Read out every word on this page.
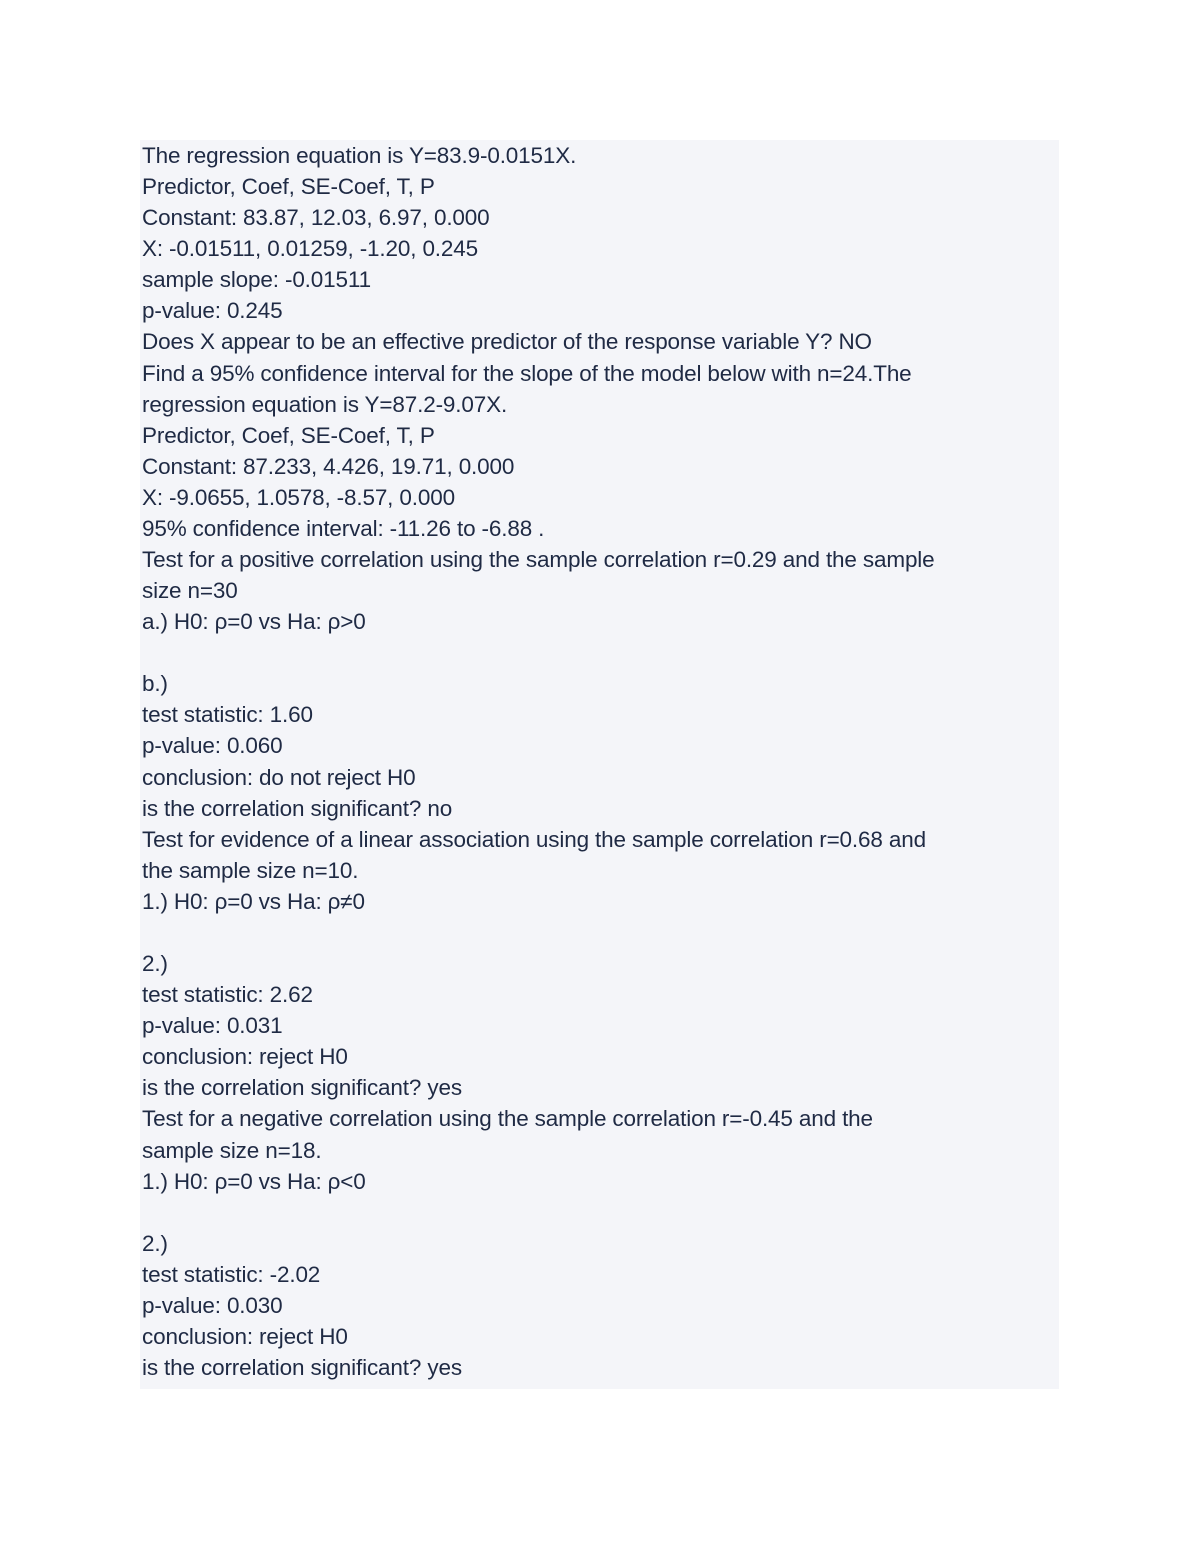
The regression equation is Y=83.9-0.0151X.
Predictor, Coef, SE-Coef, T, P
Constant: 83.87, 12.03, 6.97, 0.000
X: -0.01511, 0.01259, -1.20, 0.245
sample slope: -0.01511
p-value: 0.245
Does X appear to be an effective predictor of the response variable Y? NO
Find a 95% confidence interval for the slope of the model below with n=24.The
regression equation is Y=87.2-9.07X.
Predictor, Coef, SE-Coef, T, P
Constant: 87.233, 4.426, 19.71, 0.000
X: -9.0655, 1.0578, -8.57, 0.000
95% confidence interval: -11.26 to -6.88 .
Test for a positive correlation using the sample correlation r=0.29 and the sample
size n=30
a.) H0: ρ=0 vs Ha: ρ>0
b.)
test statistic: 1.60
p-value: 0.060
conclusion: do not reject H0
is the correlation significant? no
Test for evidence of a linear association using the sample correlation r=0.68 and
the sample size n=10.
1.) H0: ρ=0 vs Ha: ρ≠0
2.)
test statistic: 2.62
p-value: 0.031
conclusion: reject H0
is the correlation significant? yes
Test for a negative correlation using the sample correlation r=-0.45 and the
sample size n=18.
1.) H0: ρ=0 vs Ha: ρ<0
2.)
test statistic: -2.02
p-value: 0.030
conclusion: reject H0
is the correlation significant? yes
